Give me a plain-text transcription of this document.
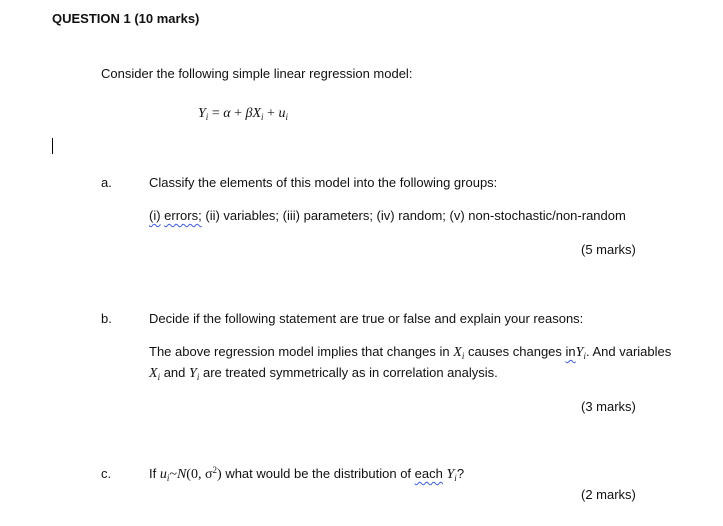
QUESTION 1 (10 marks)
Consider the following simple linear regression model:
$Y_i = \alpha + \beta X_i + u_i$
a.	Classify the elements of this model into the following groups:
(i) errors; (ii) variables; (iii) parameters; (iv) random; (v) non-stochastic/non-random
(5 marks)
b.	Decide if the following statement are true or false and explain your reasons:
The above regression model implies that changes in $X_i$ causes changes inY$_i$. And variables
$X_i$ and $Y_i$ are treated symmetrically as in correlation analysis.
(3 marks)
c.	If $u_i\sim N(0$, $\sigma^2$) what would be the distribution of each $Y_i$?
(2 marks)
